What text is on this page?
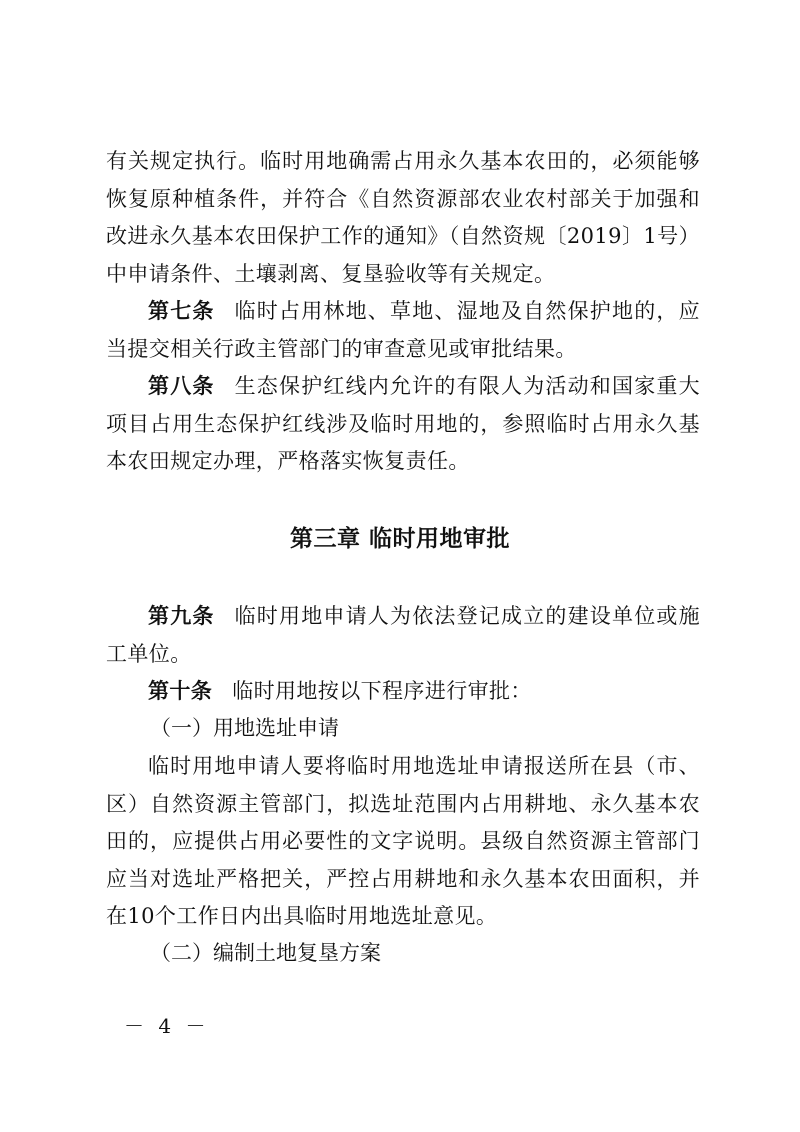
有关规定执行。临时用地确需占用永久基本农田的，必须能够恢复原种植条件，并符合《自然资源部农业农村部关于加强和改进永久基本农田保护工作的通知》（自然资规〔2019〕1号）中申请条件、土壤剥离、复垦验收等有关规定。

第七条 临时占用林地、草地、湿地及自然保护地的，应当提交相关行政主管部门的审查意见或审批结果。

第八条 生态保护红线内允许的有限人为活动和国家重大项目占用生态保护红线涉及临时用地的，参照临时占用永久基本农田规定办理，严格落实恢复责任。

第三章 临时用地审批

第九条 临时用地申请人为依法登记成立的建设单位或施工单位。

第十条 临时用地按以下程序进行审批：

（一）用地选址申请

临时用地申请人要将临时用地选址申请报送所在县（市、区）自然资源主管部门，拟选址范围内占用耕地、永久基本农田的，应提供占用必要性的文字说明。县级自然资源主管部门应当对选址严格把关，严控占用耕地和永久基本农田面积，并在10个工作日内出具临时用地选址意见。

（二）编制土地复垦方案

－ 4 －
